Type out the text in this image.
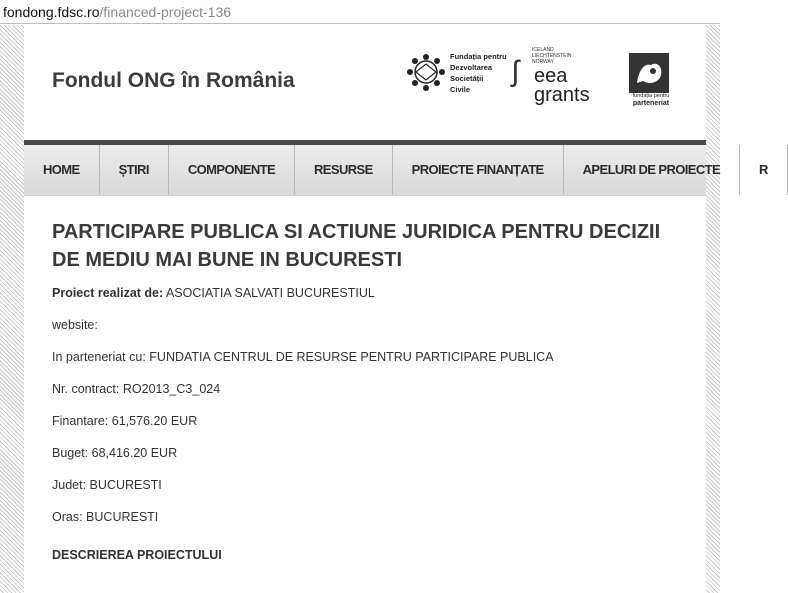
fondong.fdsc.ro/financed-project-136
Fondul ONG în România
Fundația pentru
Dezvoltarea
Societății
Civile
ʃ
ICELAND
LIECHTENSTEIN
NORWAY
eea
grants	fundația pentru
parteneriat
HOME	ȘTIRI	COMPONENTE	RESURSE	PROIECTE FINANȚATE	APELURI DE PROIECTE	R
PARTICIPARE PUBLICA SI ACTIUNE JURIDICA PENTRU DECIZII DE MEDIU MAI BUNE IN BUCURESTI
Proiect realizat de: ASOCIATIA SALVATI BUCURESTIUL
website:
In parteneriat cu: FUNDATIA CENTRUL DE RESURSE PENTRU PARTICIPARE PUBLICA
Nr. contract: RO2013_C3_024
Finantare: 61,576.20 EUR
Buget: 68,416.20 EUR
Judet: BUCURESTI
Oras: BUCURESTI
DESCRIEREA PROIECTULUI
